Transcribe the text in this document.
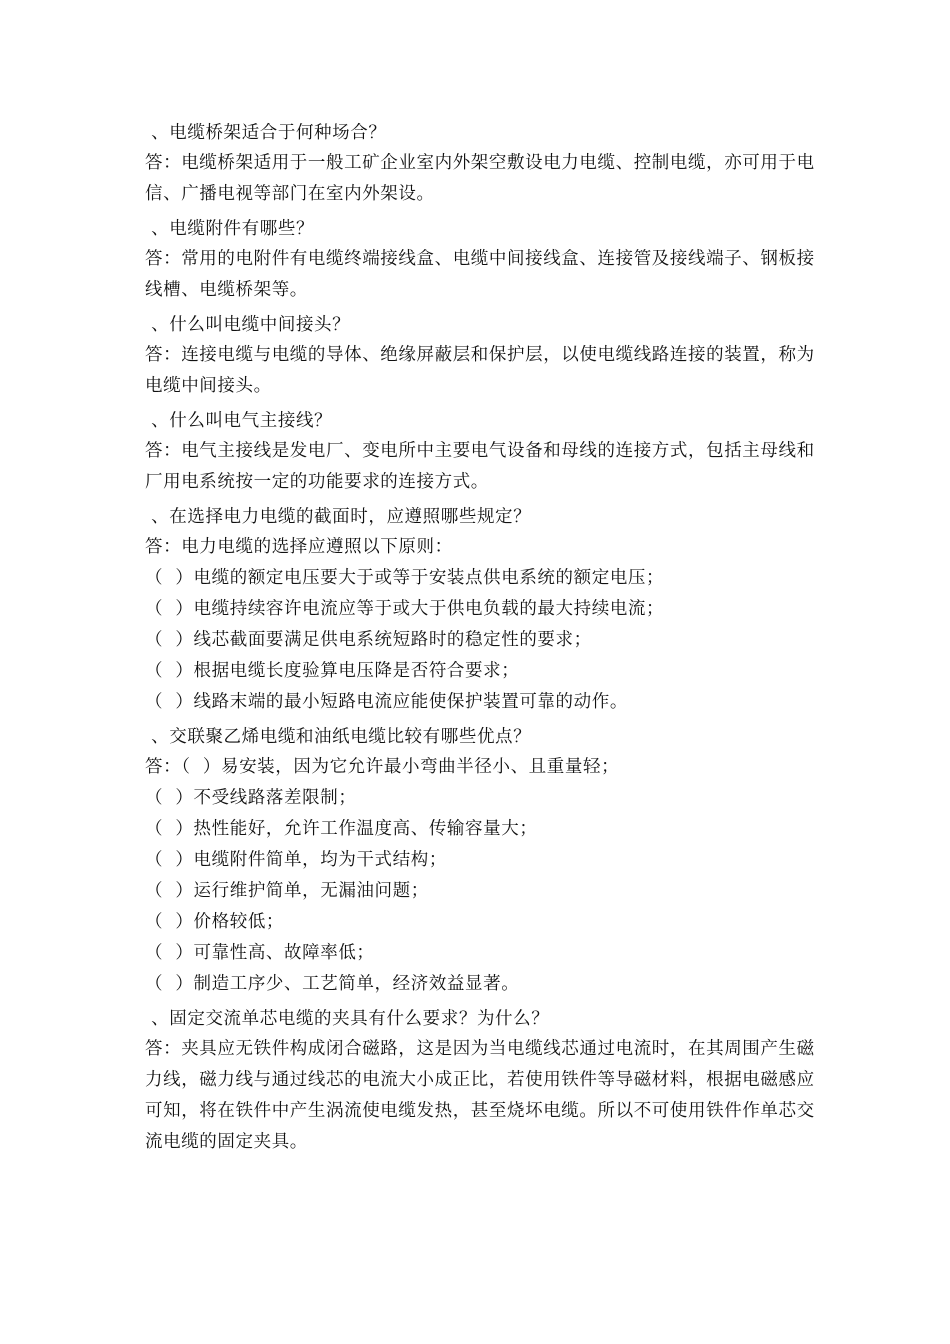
、电缆桥架适合于何种场合？

答：电缆桥架适用于一般工矿企业室内外架空敷设电力电缆、控制电缆，亦可用于电信、广播电视等部门在室内外架设。

、电缆附件有哪些？

答：常用的电附件有电缆终端接线盒、电缆中间接线盒、连接管及接线端子、钢板接线槽、电缆桥架等。

、什么叫电缆中间接头？

答：连接电缆与电缆的导体、绝缘屏蔽层和保护层，以使电缆线路连接的装置，称为电缆中间接头。

、什么叫电气主接线？

答：电气主接线是发电厂、变电所中主要电气设备和母线的连接方式，包括主母线和厂用电系统按一定的功能要求的连接方式。

、在选择电力电缆的截面时，应遵照哪些规定？

答：电力电缆的选择应遵照以下原则：

（  ）电缆的额定电压要大于或等于安装点供电系统的额定电压；

（  ）电缆持续容许电流应等于或大于供电负载的最大持续电流；

（  ）线芯截面要满足供电系统短路时的稳定性的要求；

（  ）根据电缆长度验算电压降是否符合要求；

（  ）线路末端的最小短路电流应能使保护装置可靠的动作。

、交联聚乙烯电缆和油纸电缆比较有哪些优点？

答：（  ）易安装，因为它允许最小弯曲半径小、且重量轻；

（  ）不受线路落差限制；

（  ）热性能好，允许工作温度高、传输容量大；

（  ）电缆附件简单，均为干式结构；

（  ）运行维护简单，无漏油问题；

（  ）价格较低；

（  ）可靠性高、故障率低；

（  ）制造工序少、工艺简单，经济效益显著。

、固定交流单芯电缆的夹具有什么要求？为什么？

答：夹具应无铁件构成闭合磁路，这是因为当电缆线芯通过电流时，在其周围产生磁力线，磁力线与通过线芯的电流大小成正比，若使用铁件等导磁材料，根据电磁感应可知，将在铁件中产生涡流使电缆发热，甚至烧坏电缆。所以不可使用铁件作单芯交流电缆的固定夹具。
